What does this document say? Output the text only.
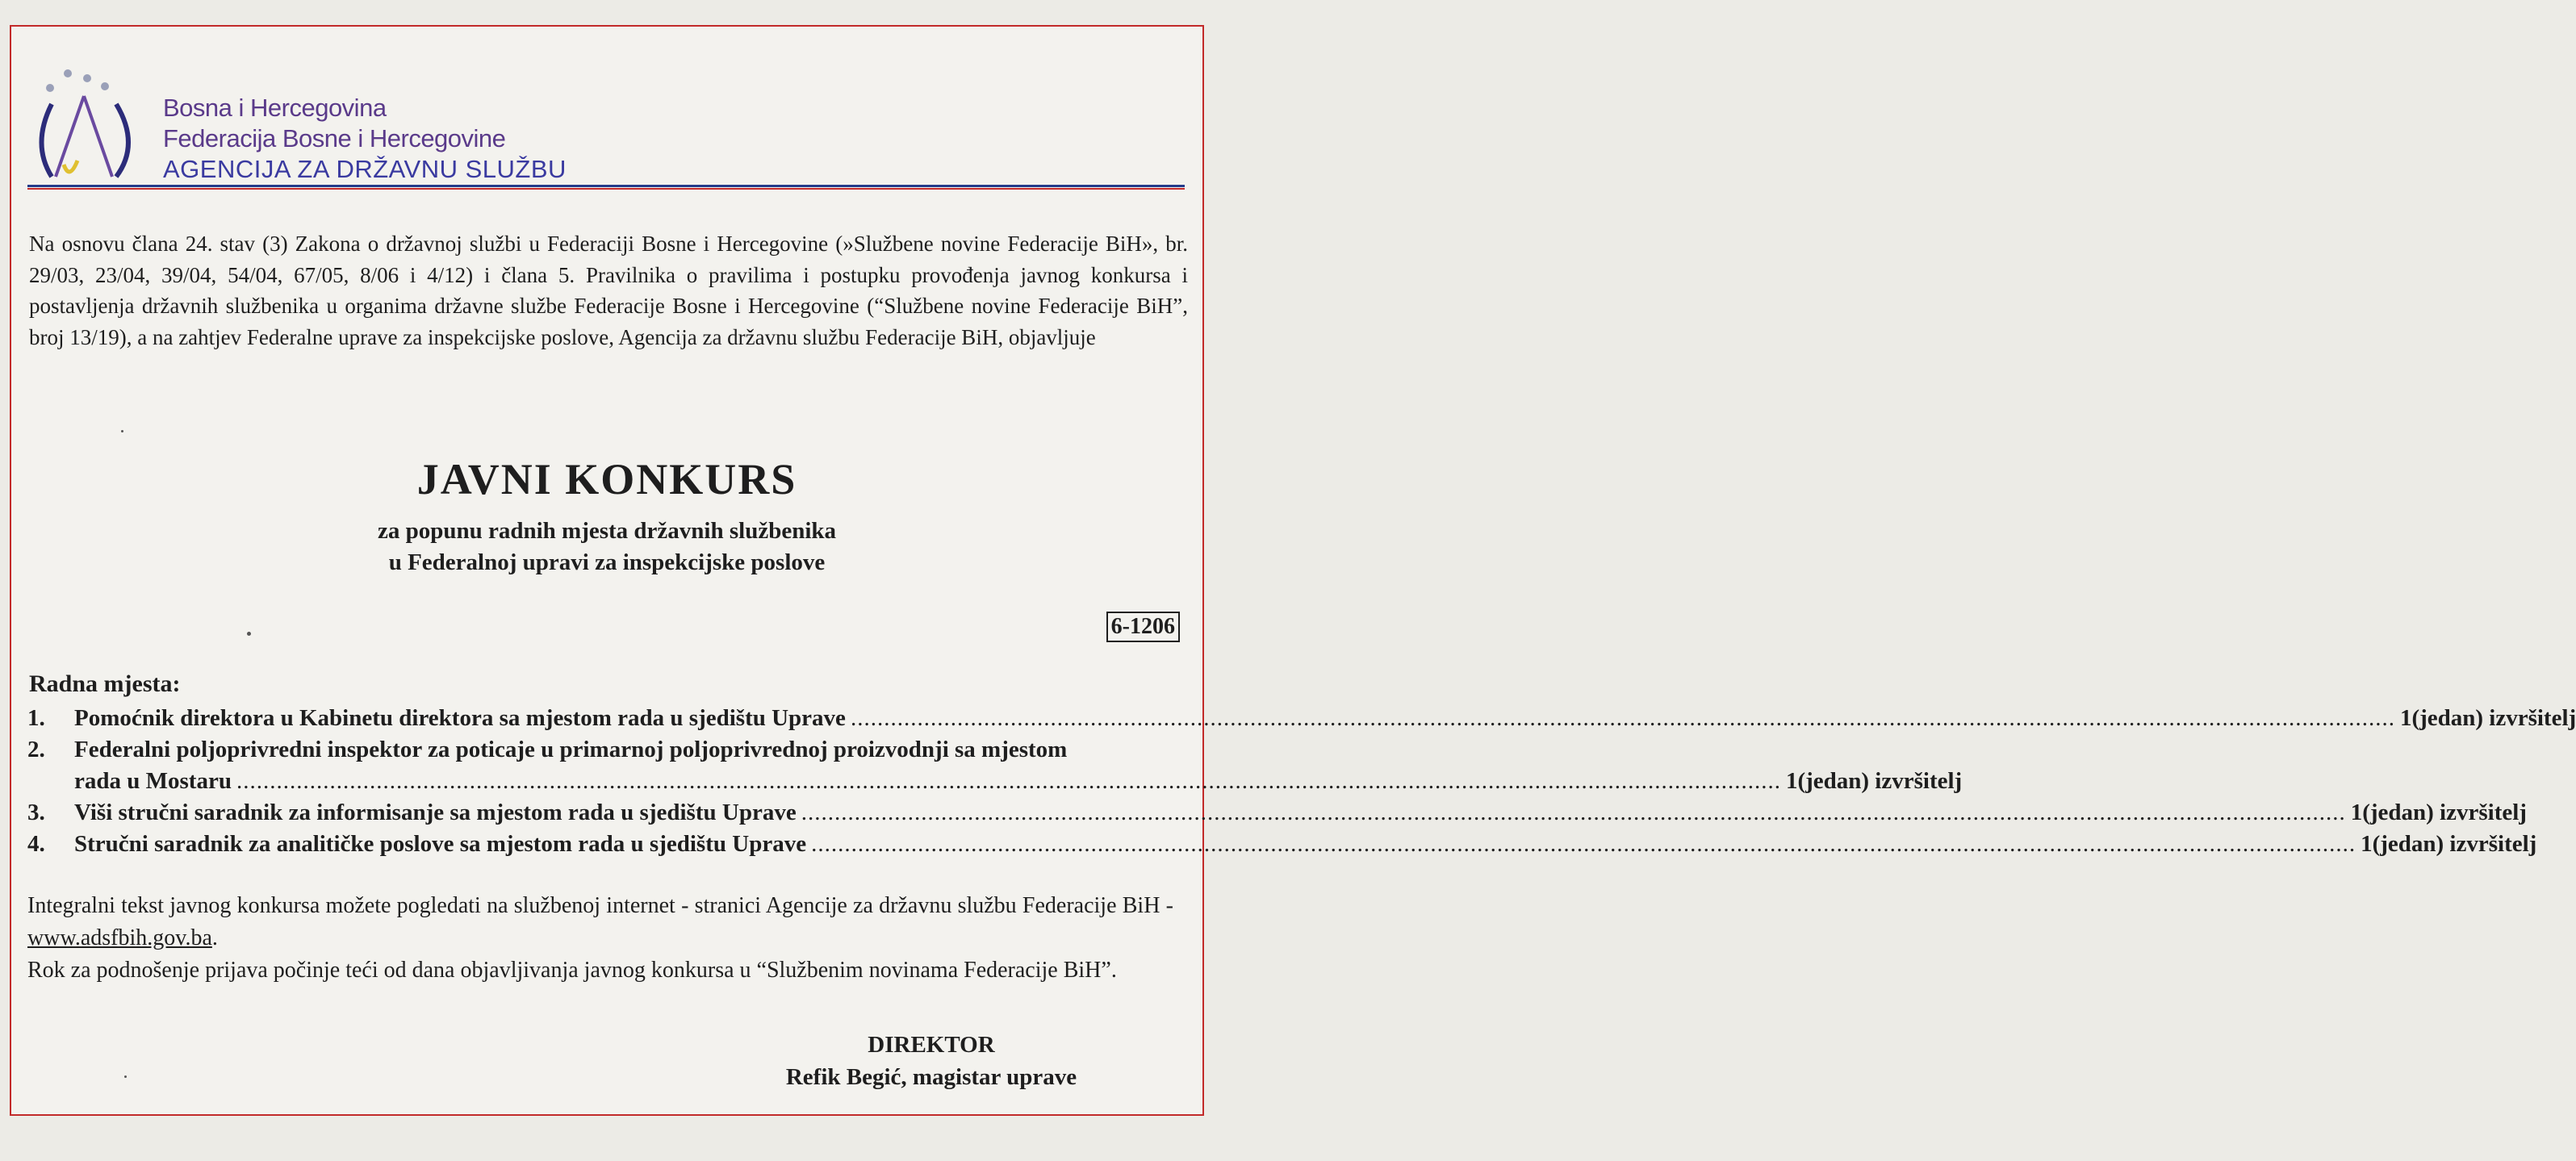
Bosna i Hercegovina
Federacija Bosne i Hercegovine
AGENCIJA ZA DRŽAVNU SLUŽBU

Na osnovu člana 24. stav (3) Zakona o državnoj službi u Federaciji Bosne i Hercegovine (»Službene novine Federacije BiH», br. 29/03, 23/04, 39/04, 54/04, 67/05, 8/06 i 4/12) i člana 5. Pravilnika o pravilima i postupku provođenja javnog konkursa i postavljenja državnih službenika u organima državne službe Federacije Bosne i Hercegovine (“Službene novine Federacije BiH”, broj 13/19), a na zahtjev Federalne uprave za inspekcijske poslove, Agencija za državnu službu Federacije BiH, objavljuje

JAVNI KONKURS
za popunu radnih mjesta državnih službenika
u Federalnoj upravi za inspekcijske poslove
6-1206
Radna mjesta:
1.	Pomoćnik direktora u Kabinetu direktora sa mjestom rada u sjedištu Uprave .....	1(jedan) izvršitelj
2.	Federalni poljoprivredni inspektor za poticaje u primarnoj poljoprivrednoj proizvodnji sa mjestom
rada u Mostaru .....	1(jedan) izvršitelj
3.	Viši stručni saradnik za informisanje sa mjestom rada u sjedištu Uprave .....	1(jedan) izvršitelj
4.	Stručni saradnik za analitičke poslove sa mjestom rada u sjedištu Uprave .....	1(jedan) izvršitelj

Integralni tekst javnog konkursa možete pogledati na službenoj internet - stranici Agencije za državnu službu Federacije BiH - www.adsfbih.gov.ba.

Rok za podnošenje prijava počinje teći od dana objavljivanja javnog konkursa u “Službenim novinama Federacije BiH”.

DIREKTOR
Refik Begić, magistar uprave
